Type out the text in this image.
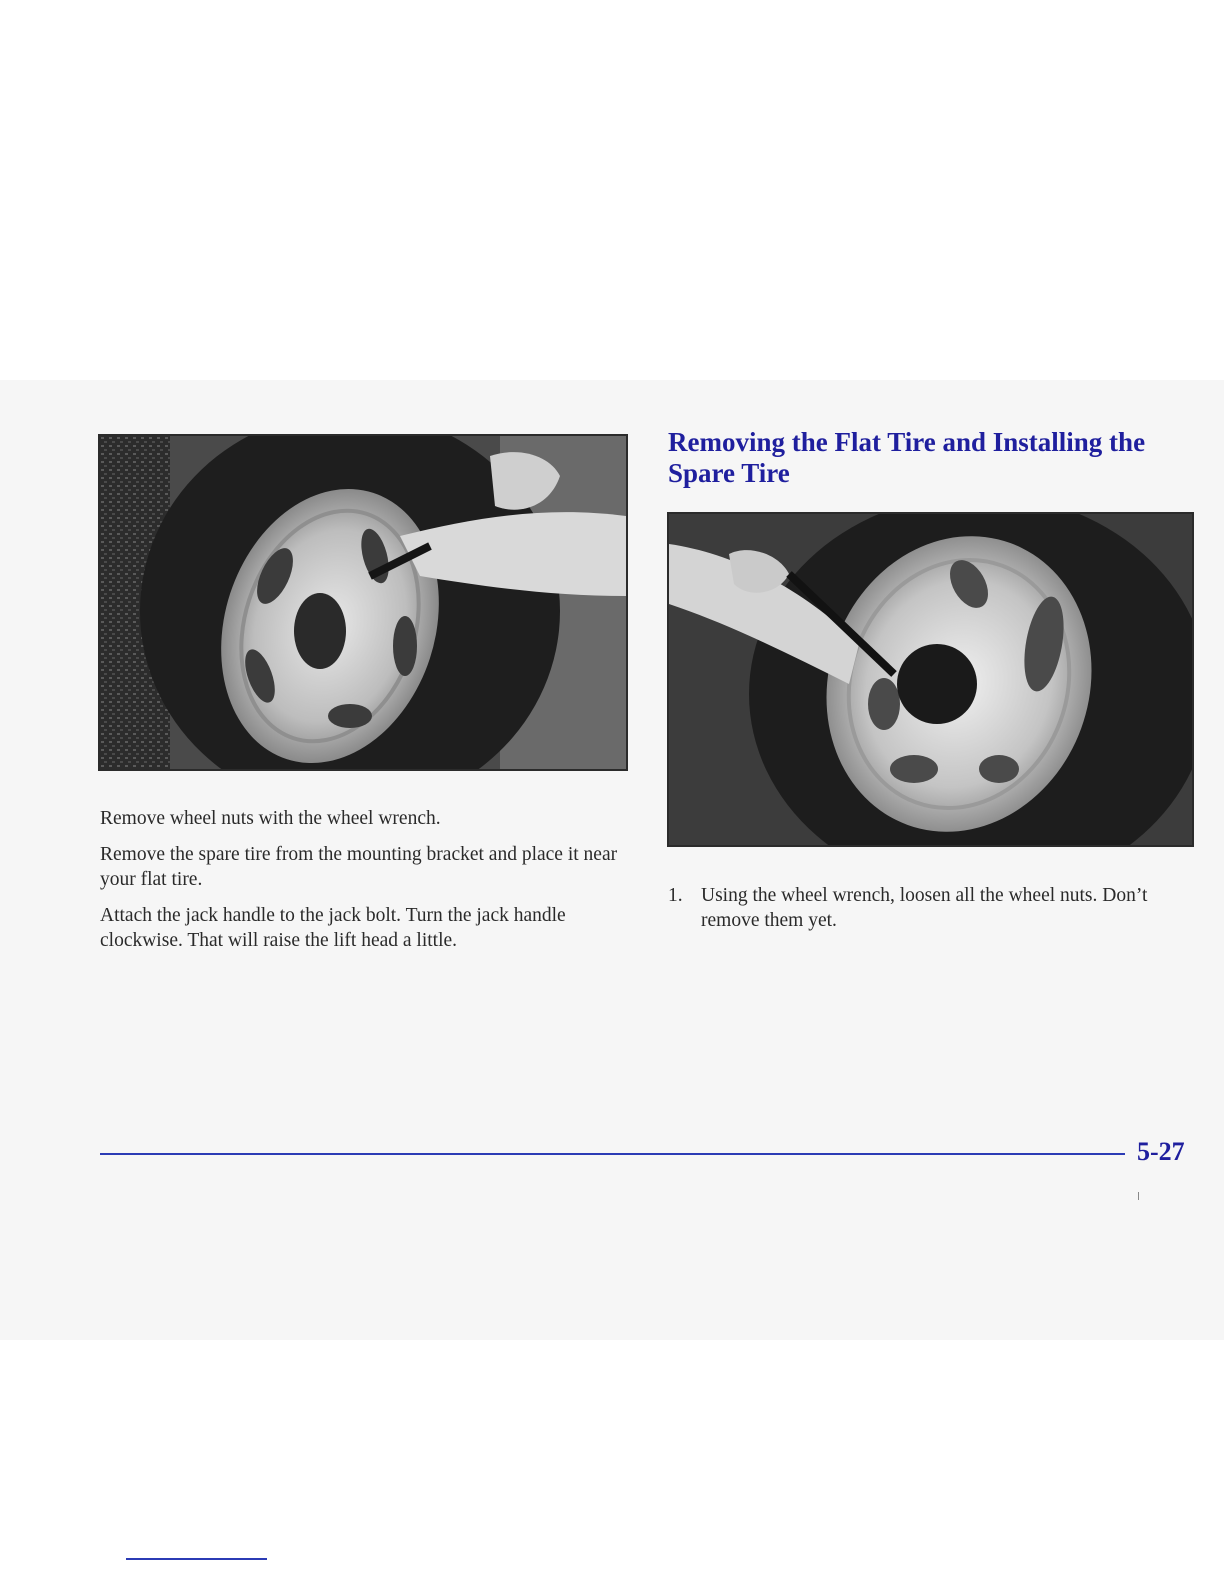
Removing the Flat Tire and Installing the Spare Tire

Remove wheel nuts with the wheel wrench.

Remove the spare tire from the mounting bracket and place it near your flat tire.

Attach the jack handle to the jack bolt. Turn the jack handle clockwise. That will raise the lift head a little.

1. Using the wheel wrench, loosen all the wheel nuts. Don’t remove them yet.
5-27
